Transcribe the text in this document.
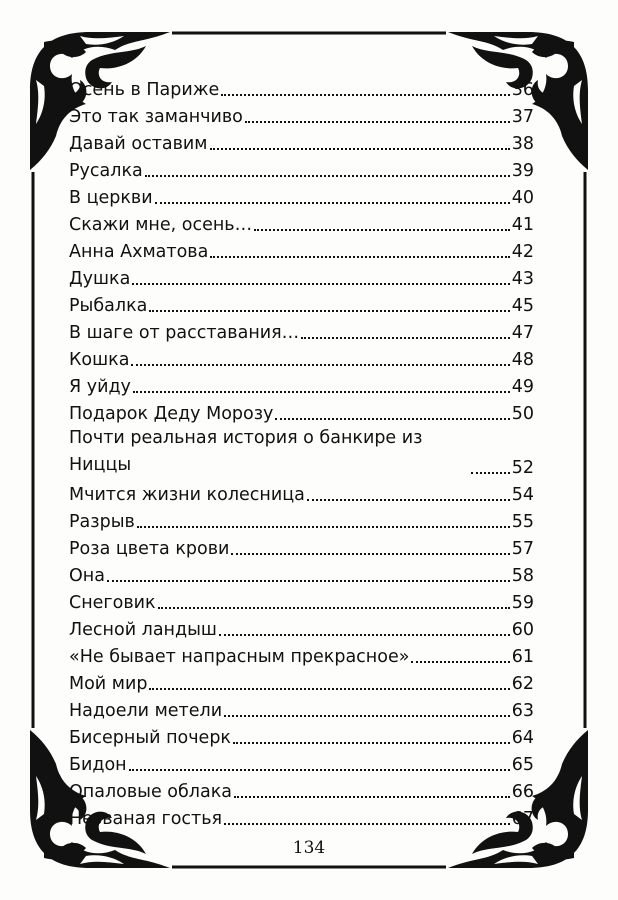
Осень в Париже	36
Это так заманчиво	37
Давай оставим	38
Русалка	39
В церкви	40
Скажи мне, осень…	41
Анна Ахматова	42
Душка	43
Рыбалка	45
В шаге от расставания…	47
Кошка	48
Я уйду	49
Подарок Деду Морозу	50
Почти реальная история о банкире из Ниццы	52
Мчится жизни колесница	54
Разрыв	55
Роза цвета крови	57
Она	58
Снеговик	59
Лесной ландыш	60
«Не бывает напрасным прекрасное»	61
Мой мир	62
Надоели метели	63
Бисерный почерк	64
Бидон	65
Опаловые облака	66
Незваная гостья	67
134
